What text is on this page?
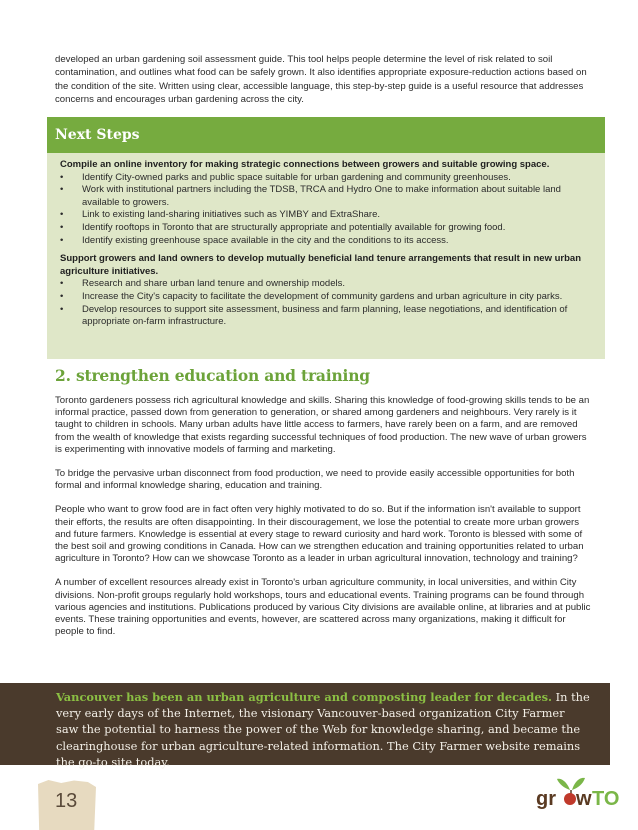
developed an urban gardening soil assessment guide. This tool helps people determine the level of risk related to soil contamination, and outlines what food can be safely grown. It also identifies appropriate exposure-reduction actions based on the condition of the site. Written using clear, accessible language, this step-by-step guide is a useful resource that addresses concerns and encourages urban gardening across the city.

Next Steps

Compile an online inventory for making strategic connections between growers and suitable growing space.

• Identify City-owned parks and public space suitable for urban gardening and community greenhouses.
• Work with institutional partners including the TDSB, TRCA and Hydro One to make information about suitable land available to growers.
• Link to existing land-sharing initiatives such as YIMBY and ExtraShare.
• Identify rooftops in Toronto that are structurally appropriate and potentially available for growing food.
• Identify existing greenhouse space available in the city and the conditions to its access.

Support growers and land owners to develop mutually beneficial land tenure arrangements that result in new urban agriculture initiatives.

• Research and share urban land tenure and ownership models.
• Increase the City's capacity to facilitate the development of community gardens and urban agriculture in city parks.
• Develop resources to support site assessment, business and farm planning, lease negotiations, and identification of appropriate on-farm infrastructure.
2. strengthen education and training

Toronto gardeners possess rich agricultural knowledge and skills. Sharing this knowledge of food-growing skills tends to be an informal practice, passed down from generation to generation, or shared among gardeners and neighbours. Very rarely is it taught to children in schools. Many urban adults have little access to farmers, have rarely been on a farm, and are removed from the wealth of knowledge that exists regarding successful techniques of food production. The new wave of urban growers is experimenting with innovative models of farming and marketing.

To bridge the pervasive urban disconnect from food production, we need to provide easily accessible opportunities for both formal and informal knowledge sharing, education and training.

People who want to grow food are in fact often very highly motivated to do so. But if the information isn't available to support their efforts, the results are often disappointing. In their discouragement, we lose the potential to create more urban growers and future farmers. Knowledge is essential at every stage to reward curiosity and hard work. Toronto is blessed with some of the best soil and growing conditions in Canada. How can we strengthen education and training opportunities related to urban agriculture in Toronto? How can we showcase Toronto as a leader in urban agricultural innovation, technology and training?

A number of excellent resources already exist in Toronto's urban agriculture community, in local universities, and within City divisions. Non-profit groups regularly hold workshops, tours and educational events. Training programs can be found through various agencies and institutions. Publications produced by various City divisions are available online, at libraries and at public events. These training opportunities and events, however, are scattered across many organizations, making it difficult for people to find.

Vancouver has been an urban agriculture and composting leader for decades. In the very early days of the Internet, the visionary Vancouver-based organization City Farmer saw the potential to harness the power of the Web for knowledge sharing, and became the clearinghouse for urban agriculture-related information. The City Farmer website remains the go-to site today.
13	gr w TO
